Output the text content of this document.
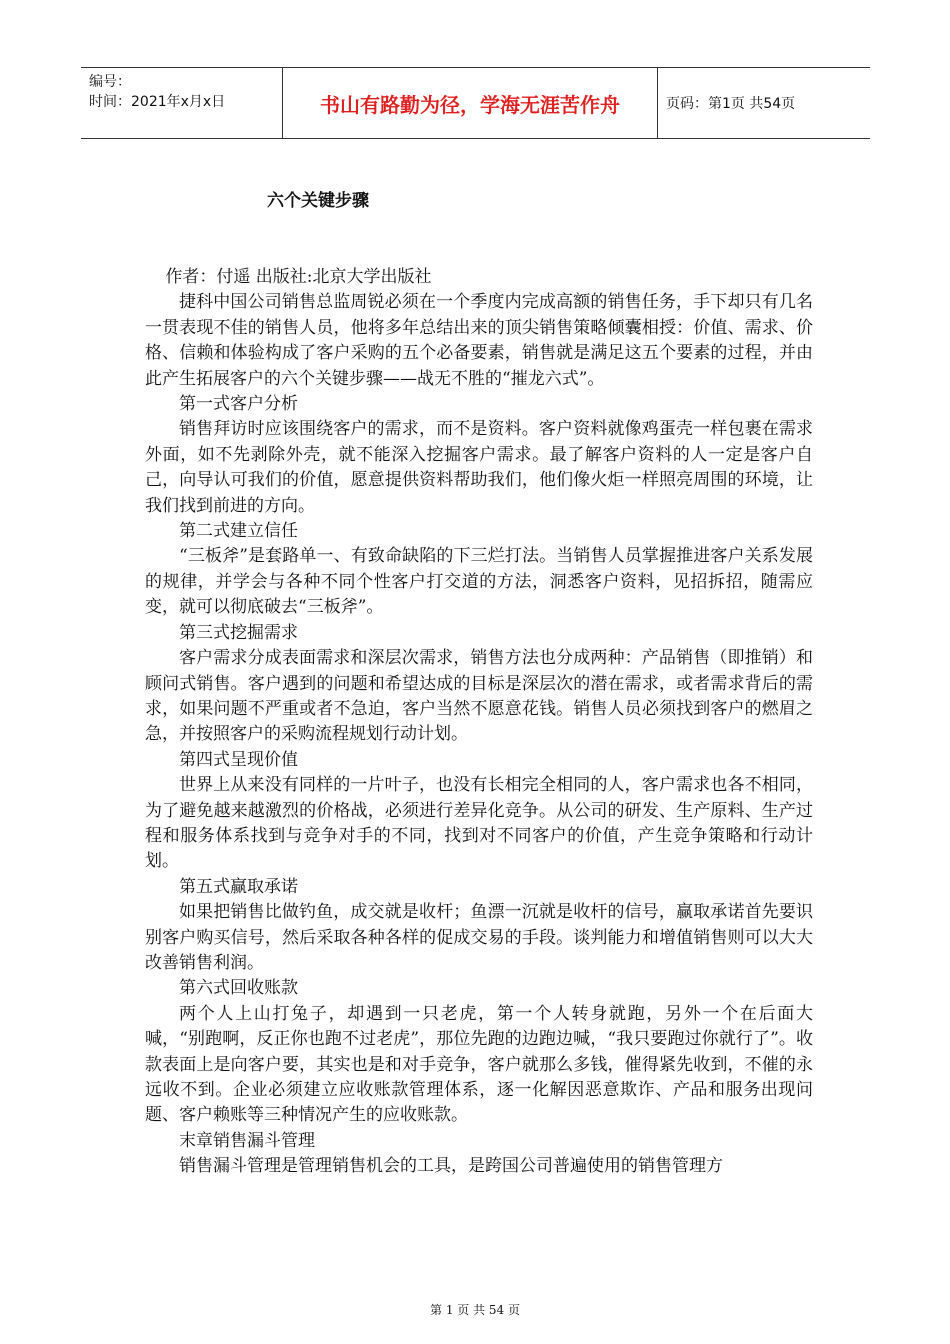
编号：
时间：2021年x月x日	书山有路勤为径，学海无涯苦作舟	页码：第1页 共54页
六个关键步骤

作者：付遥 出版社:北京大学出版社

捷科中国公司销售总监周锐必须在一个季度内完成高额的销售任务，手下却只有几名一贯表现不佳的销售人员，他将多年总结出来的顶尖销售策略倾囊相授：价值、需求、价格、信赖和体验构成了客户采购的五个必备要素，销售就是满足这五个要素的过程，并由此产生拓展客户的六个关键步骤——战无不胜的“摧龙六式”。

第一式客户分析

销售拜访时应该围绕客户的需求，而不是资料。客户资料就像鸡蛋壳一样包裹在需求外面，如不先剥除外壳，就不能深入挖掘客户需求。最了解客户资料的人一定是客户自己，向导认可我们的价值，愿意提供资料帮助我们，他们像火炬一样照亮周围的环境，让我们找到前进的方向。

第二式建立信任

“三板斧”是套路单一、有致命缺陷的下三烂打法。当销售人员掌握推进客户关系发展的规律，并学会与各种不同个性客户打交道的方法，洞悉客户资料，见招拆招，随需应变，就可以彻底破去“三板斧”。

第三式挖掘需求

客户需求分成表面需求和深层次需求，销售方法也分成两种：产品销售（即推销）和顾问式销售。客户遇到的问题和希望达成的目标是深层次的潜在需求，或者需求背后的需求，如果问题不严重或者不急迫，客户当然不愿意花钱。销售人员必须找到客户的燃眉之急，并按照客户的采购流程规划行动计划。

第四式呈现价值

世界上从来没有同样的一片叶子，也没有长相完全相同的人，客户需求也各不相同，为了避免越来越激烈的价格战，必须进行差异化竞争。从公司的研发、生产原料、生产过程和服务体系找到与竞争对手的不同，找到对不同客户的价值，产生竞争策略和行动计划。

第五式赢取承诺

如果把销售比做钓鱼，成交就是收杆；鱼漂一沉就是收杆的信号，赢取承诺首先要识别客户购买信号，然后采取各种各样的促成交易的手段。谈判能力和增值销售则可以大大改善销售利润。

第六式回收账款

两个人上山打兔子，却遇到一只老虎，第一个人转身就跑，另外一个在后面大喊，“别跑啊，反正你也跑不过老虎”，那位先跑的边跑边喊，“我只要跑过你就行了”。收款表面上是向客户要，其实也是和对手竞争，客户就那么多钱，催得紧先收到，不催的永远收不到。企业必须建立应收账款管理体系，逐一化解因恶意欺诈、产品和服务出现问题、客户赖账等三种情况产生的应收账款。

末章销售漏斗管理

销售漏斗管理是管理销售机会的工具，是跨国公司普遍使用的销售管理方

第 1 页 共 54 页
